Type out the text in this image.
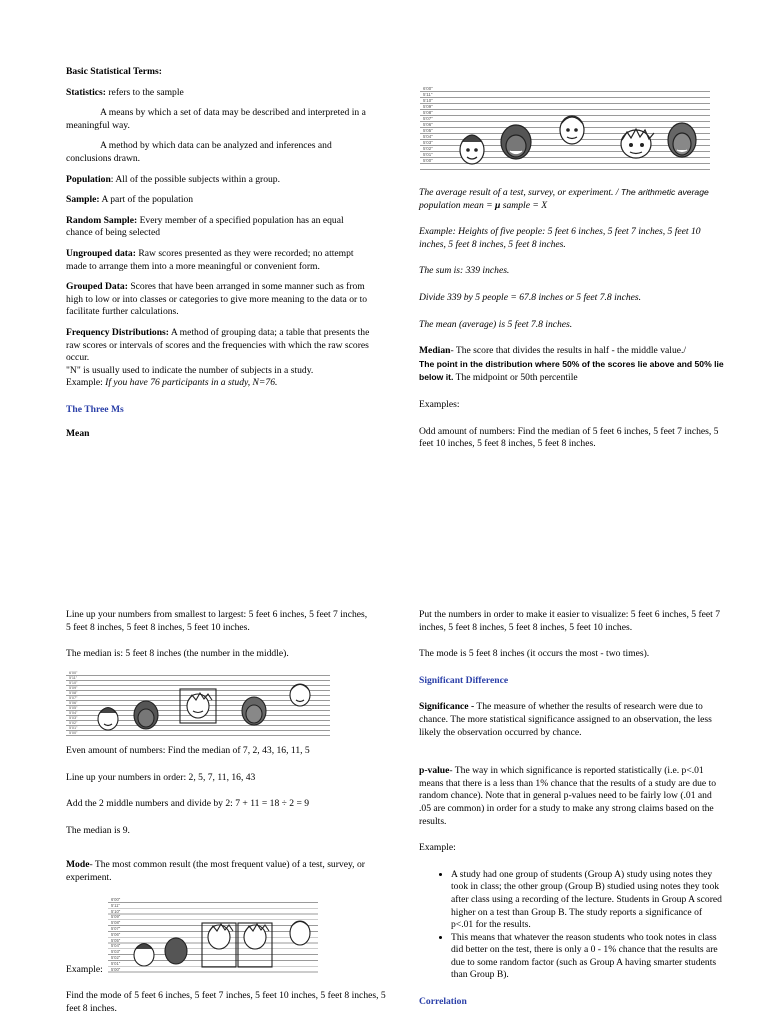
Basic Statistical Terms:

Statistics: refers to the sample

A means by which a set of data may be described and interpreted in a meaningful way.

A method by which data can be analyzed and inferences and conclusions drawn.

Population: All of the possible subjects within a group.

Sample: A part of the population

Random Sample: Every member of a specified population has an equal chance of being selected

Ungrouped data: Raw scores presented as they were recorded; no attempt made to arrange them into a more meaningful or convenient form.

Grouped Data: Scores that have been arranged in some manner such as from high to low or into classes or categories to give more meaning to the data or to facilitate further calculations.

Frequency Distributions: A method of grouping data; a table that presents the raw scores or intervals of scores and the frequencies with which the raw scores occur.

"N" is usually used to indicate the number of subjects in a study.

Example: If you have 76 participants in a study, N=76.

The Three Ms

Mean

6'00"
5'11"
5'10"
5'09"
5'08"
5'07"
5'06"
5'05"
5'04"
5'03"
5'02"
5'01"
5'00"

The average result of a test, survey, or experiment. / The arithmetic average population mean = μ sample = X

Example: Heights of five people: 5 feet 6 inches, 5 feet 7 inches, 5 feet 10 inches, 5 feet 8 inches, 5 feet 8 inches.

The sum is: 339 inches.

Divide 339 by 5 people = 67.8 inches or 5 feet 7.8 inches.

The mean (average) is 5 feet 7.8 inches.

Median- The score that divides the results in half - the middle value./
The point in the distribution where 50% of the scores lie above and 50% lie below it. The midpoint or 50th percentile

Examples:

Odd amount of numbers: Find the median of 5 feet 6 inches, 5 feet 7 inches, 5 feet 10 inches, 5 feet 8 inches, 5 feet 8 inches.

Line up your numbers from smallest to largest: 5 feet 6 inches, 5 feet 7 inches, 5 feet 8 inches, 5 feet 8 inches, 5 feet 10 inches.

The median is: 5 feet 8 inches (the number in the middle).

6'00"
5'11"
5'10"
5'09"
5'08"
5'07"
5'06"
5'05"
5'04"
5'03"
5'02"
5'01"
5'00"

Even amount of numbers: Find the median of 7, 2, 43, 16, 11, 5

Line up your numbers in order: 2, 5, 7, 11, 16, 43

Add the 2 middle numbers and divide by 2: 7 + 11 = 18 ÷ 2 = 9

The median is 9.

Mode- The most common result (the most frequent value) of a test, survey, or experiment.

Example:

6'00"
5'11"
5'10"
5'09"
5'08"
5'07"
5'06"
5'05"
5'04"
5'03"
5'02"
5'01"
5'00"

Find the mode of 5 feet 6 inches, 5 feet 7 inches, 5 feet 10 inches, 5 feet 8 inches, 5 feet 8 inches.

Put the numbers in order to make it easier to visualize: 5 feet 6 inches, 5 feet 7 inches, 5 feet 8 inches, 5 feet 8 inches, 5 feet 10 inches.

The mode is 5 feet 8 inches (it occurs the most - two times).

Significant Difference

Significance - The measure of whether the results of research were due to chance. The more statistical significance assigned to an observation, the less likely the observation occurred by chance.

p-value- The way in which significance is reported statistically (i.e. p<.01 means that there is a less than 1% chance that the results of a study are due to random chance). Note that in general p-values need to be fairly low (.01 and .05 are common) in order for a study to make any strong claims based on the results.

Example:

• A study had one group of students (Group A) study using notes they took in class; the other group (Group B) studied using notes they took after class using a recording of the lecture. Students in Group A scored higher on a test than Group B. The study reports a significance of p<.01 for the results.
• This means that whatever the reason students who took notes in class did better on the test, there is only a 0 - 1% chance that the results are due to some random factor (such as Group A having smarter students than Group B).

Correlation
